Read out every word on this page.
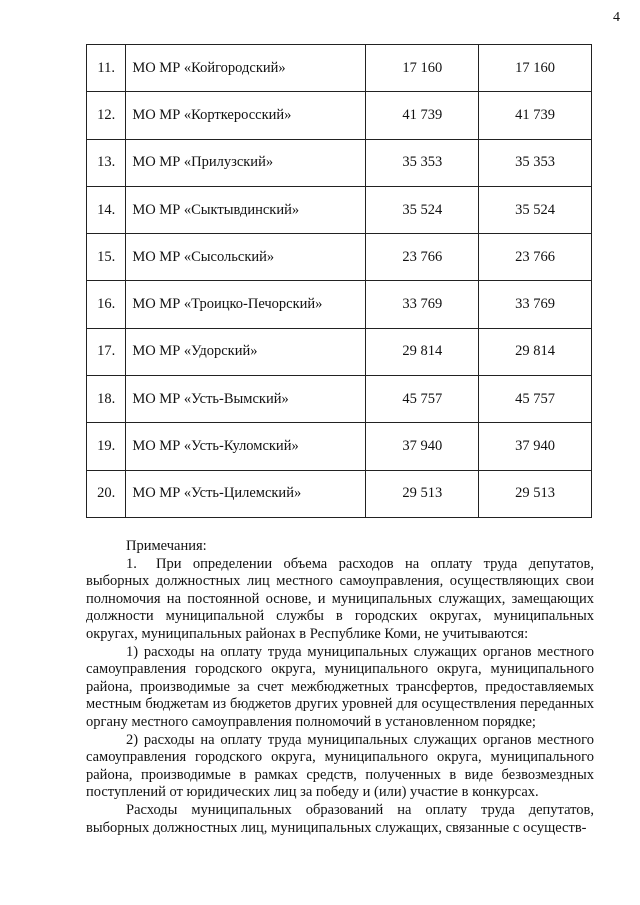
4
11.	МО МР «Койгородский»	17 160	17 160
12.	МО МР «Корткеросский»	41 739	41 739
13.	МО МР «Прилузский»	35 353	35 353
14.	МО МР «Сыктывдинский»	35 524	35 524
15.	МО МР «Сысольский»	23 766	23 766
16.	МО МР «Троицко-Печорский»	33 769	33 769
17.	МО МР «Удорский»	29 814	29 814
18.	МО МР «Усть-Вымский»	45 757	45 757
19.	МО МР «Усть-Куломский»	37 940	37 940
20.	МО МР «Усть-Цилемский»	29 513	29 513

Примечания:

1. При определении объема расходов на оплату труда депутатов, выборных должностных лиц местного самоуправления, осуществляющих свои полномочия на постоянной основе, и муниципальных служащих, замещающих должности муниципальной службы в городских округах, муниципальных округах, муниципальных районах в Республике Коми, не учитываются:

1) расходы на оплату труда муниципальных служащих органов местного самоуправления городского округа, муниципального округа, муниципального района, производимые за счет межбюджетных трансфертов, предоставляемых местным бюджетам из бюджетов других уровней для осуществления переданных органу местного самоуправления полномочий в установленном порядке;

2) расходы на оплату труда муниципальных служащих органов местного самоуправления городского округа, муниципального округа, муниципального района, производимые в рамках средств, полученных в виде безвозмездных поступлений от юридических лиц за победу и (или) участие в конкурсах.

Расходы муниципальных образований на оплату труда депутатов, выборных должностных лиц, муниципальных служащих, связанные с осуществ-
